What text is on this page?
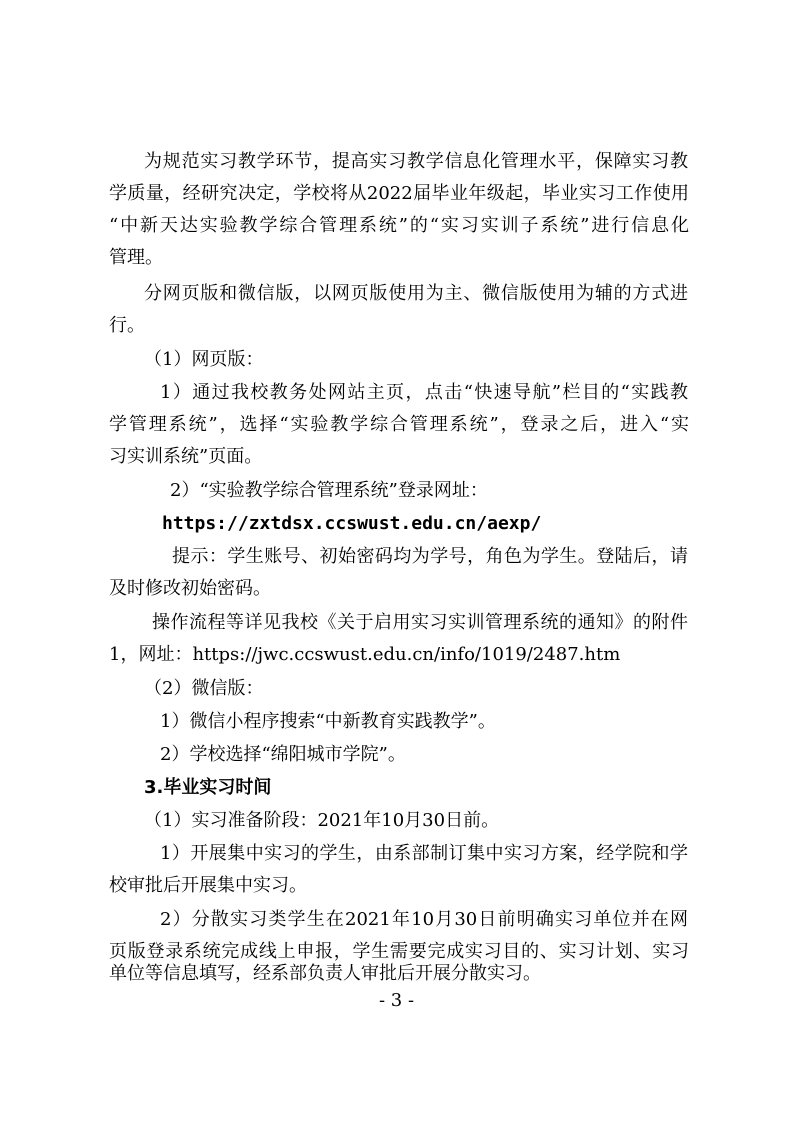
为规范实习教学环节，提高实习教学信息化管理水平，保障实习教
学质量，经研究决定，学校将从2022届毕业年级起，毕业实习工作使用
“中新天达实验教学综合管理系统”的“实习实训子系统”进行信息化
管理。
分网页版和微信版，以网页版使用为主、微信版使用为辅的方式进
行。
（1）网页版：
1）通过我校教务处网站主页，点击“快速导航”栏目的“实践教
学管理系统”，选择“实验教学综合管理系统”，登录之后，进入“实
习实训系统”页面。
2）“实验教学综合管理系统”登录网址：
https://zxtdsx.ccswust.edu.cn/aexp/
提示：学生账号、初始密码均为学号，角色为学生。登陆后，请
及时修改初始密码。
操作流程等详见我校《关于启用实习实训管理系统的通知》的附件
1，网址：https://jwc.ccswust.edu.cn/info/1019/2487.htm
（2）微信版：
1）微信小程序搜索“中新教育实践教学”。
2）学校选择“绵阳城市学院”。
3.毕业实习时间
（1）实习准备阶段：2021年10月30日前。
1）开展集中实习的学生，由系部制订集中实习方案，经学院和学
校审批后开展集中实习。
2）分散实习类学生在2021年10月30日前明确实习单位并在网
页版登录系统完成线上申报，学生需要完成实习目的、实习计划、实习
单位等信息填写，经系部负责人审批后开展分散实习。
- 3 -
